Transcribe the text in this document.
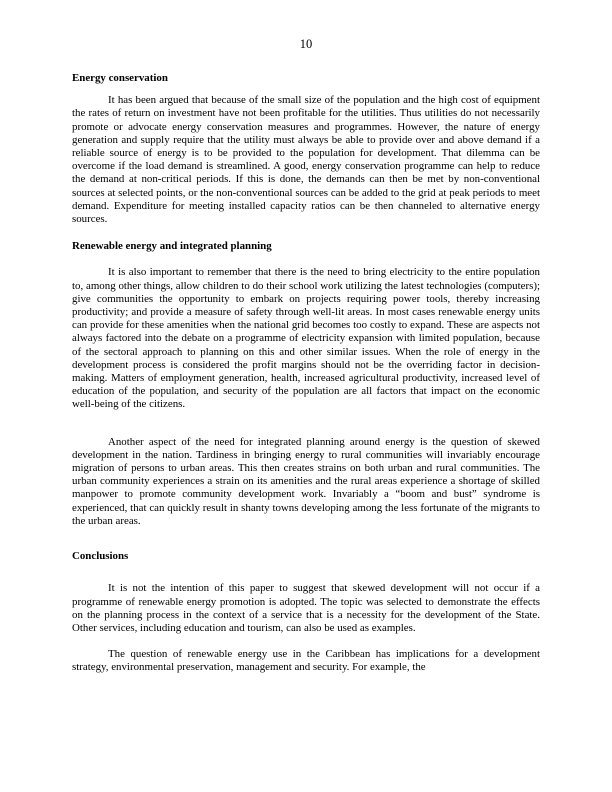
10
Energy conservation

It has been argued that because of the small size of the population and the high cost of equipment the rates of return on investment have not been profitable for the utilities. Thus utilities do not necessarily promote or advocate energy conservation measures and programmes. However, the nature of energy generation and supply require that the utility must always be able to provide over and above demand if a reliable source of energy is to be provided to the population for development. That dilemma can be overcome if the load demand is streamlined. A good, energy conservation programme can help to reduce the demand at non-critical periods. If this is done, the demands can then be met by non-conventional sources at selected points, or the non-conventional sources can be added to the grid at peak periods to meet demand. Expenditure for meeting installed capacity ratios can be then channeled to alternative energy sources.

Renewable energy and integrated planning

It is also important to remember that there is the need to bring electricity to the entire population to, among other things, allow children to do their school work utilizing the latest technologies (computers); give communities the opportunity to embark on projects requiring power tools, thereby increasing productivity; and provide a measure of safety through well-lit areas. In most cases renewable energy units can provide for these amenities when the national grid becomes too costly to expand. These are aspects not always factored into the debate on a programme of electricity expansion with limited population, because of the sectoral approach to planning on this and other similar issues. When the role of energy in the development process is considered the profit margins should not be the overriding factor in decision-making. Matters of employment generation, health, increased agricultural productivity, increased level of education of the population, and security of the population are all factors that impact on the economic well-being of the citizens.

Another aspect of the need for integrated planning around energy is the question of skewed development in the nation. Tardiness in bringing energy to rural communities will invariably encourage migration of persons to urban areas. This then creates strains on both urban and rural communities. The urban community experiences a strain on its amenities and the rural areas experience a shortage of skilled manpower to promote community development work. Invariably a “boom and bust” syndrome is experienced, that can quickly result in shanty towns developing among the less fortunate of the migrants to the urban areas.

Conclusions

It is not the intention of this paper to suggest that skewed development will not occur if a programme of renewable energy promotion is adopted. The topic was selected to demonstrate the effects on the planning process in the context of a service that is a necessity for the development of the State. Other services, including education and tourism, can also be used as examples.

The question of renewable energy use in the Caribbean has implications for a development strategy, environmental preservation, management and security. For example, the
